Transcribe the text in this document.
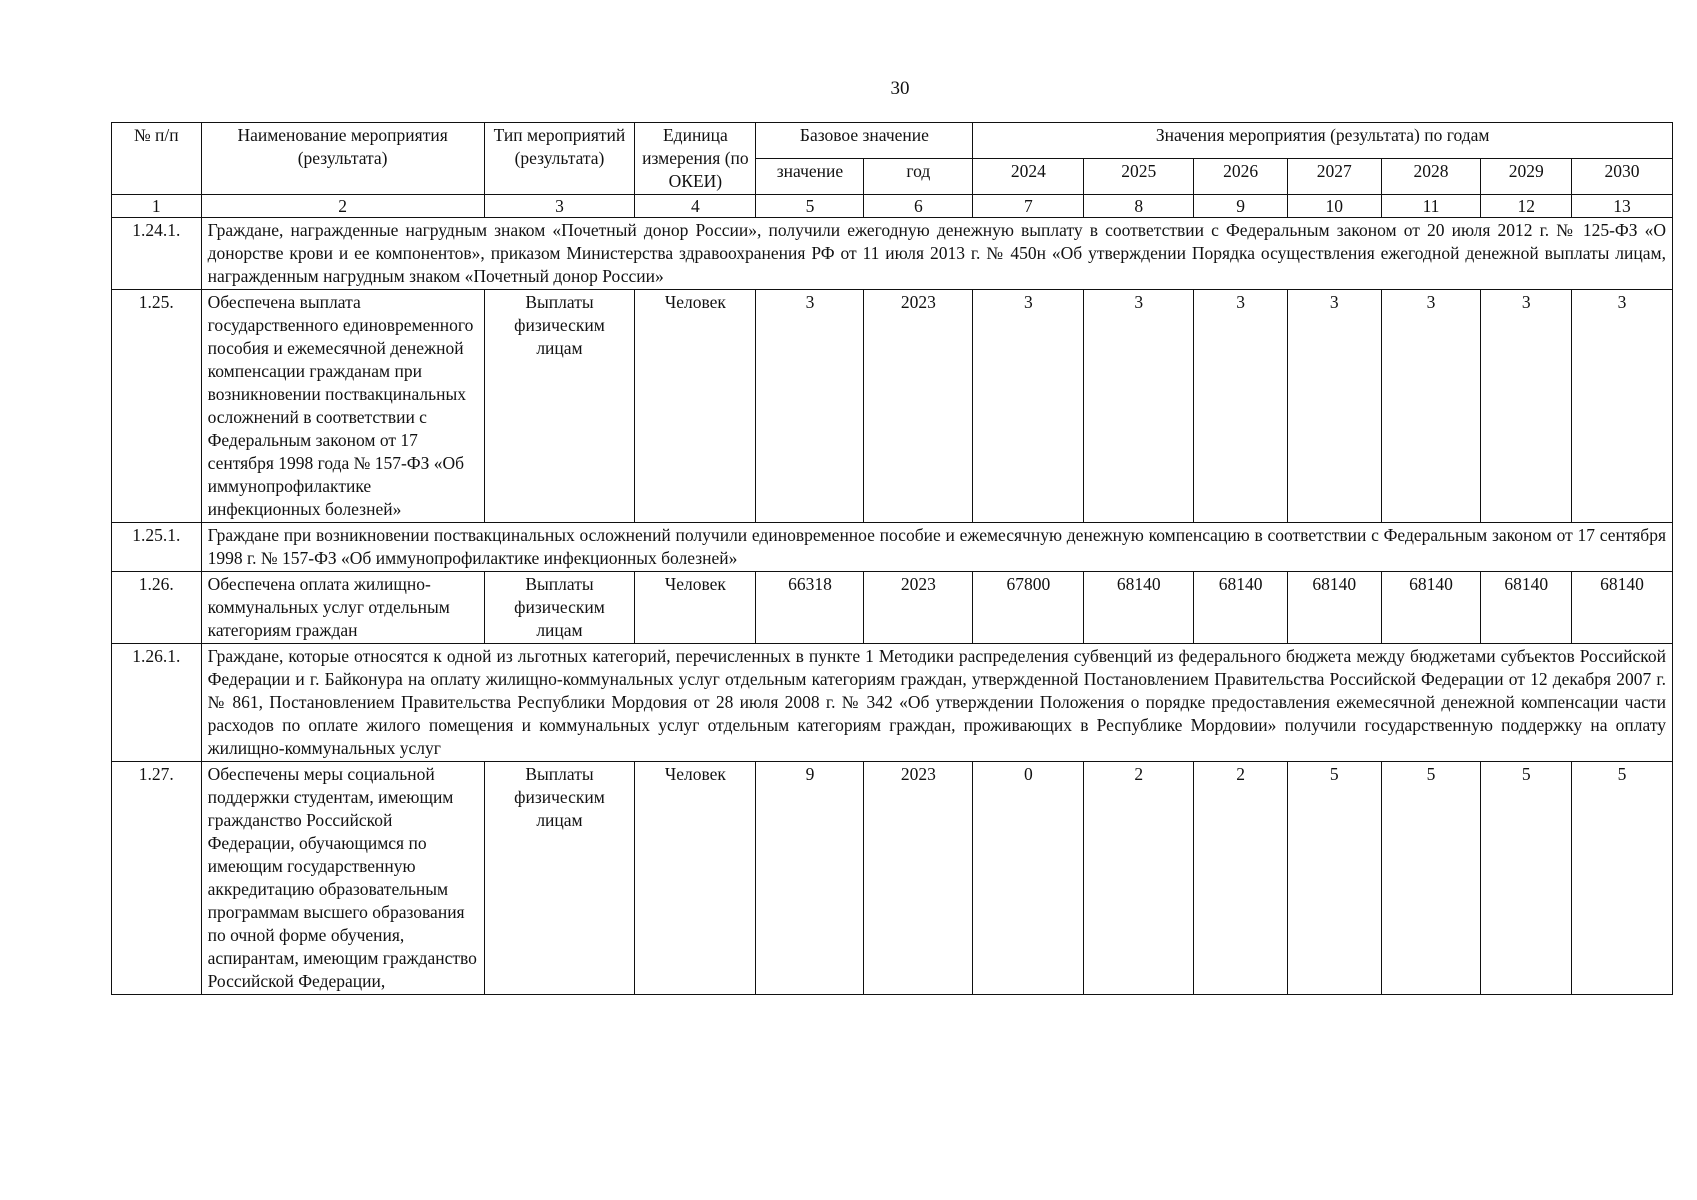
30
№ п/п	Наименование мероприятия (результата)	Тип мероприятий (результата)	Единица измерения (по ОКЕИ)	Базовое значение		Значения мероприятия (результата) по годам						
				значение	год	2024	2025	2026	2027	2028	2029	2030
1	2	3	4	5	6	7	8	9	10	11	12	13
1.24.1.	Граждане, награжденные нагрудным знаком «Почетный донор России», получили ежегодную денежную выплату в соответствии с Федеральным законом от 20 июля 2012 г. № 125-ФЗ «О донорстве крови и ее компонентов», приказом Министерства здравоохранения РФ от 11 июля 2013 г. № 450н «Об утверждении Порядка осуществления ежегодной денежной выплаты лицам, награжденным нагрудным знаком «Почетный донор России»											
1.25.	Обеспечена выплата государственного единовременного пособия и ежемесячной денежной компенсации гражданам при возникновении поствакцинальных осложнений в соответствии с Федеральным законом от 17 сентября 1998 года № 157-ФЗ «Об иммунопрофилактике инфекционных болезней»	Выплаты физическим лицам	Человек	3	2023	3	3	3	3	3	3	3
1.25.1.	Граждане при возникновении поствакцинальных осложнений получили единовременное пособие и ежемесячную денежную компенсацию в соответствии с Федеральным законом от 17 сентября 1998 г. № 157-ФЗ «Об иммунопрофилактике инфекционных болезней»											
1.26.	Обеспечена оплата жилищно-коммунальных услуг отдельным категориям граждан	Выплаты физическим лицам	Человек	66318	2023	67800	68140	68140	68140	68140	68140	68140
1.26.1.	Граждане, которые относятся к одной из льготных категорий, перечисленных в пункте 1 Методики распределения субвенций из федерального бюджета между бюджетами субъектов Российской Федерации и г. Байконура на оплату жилищно-коммунальных услуг отдельным категориям граждан, утвержденной Постановлением Правительства Российской Федерации от 12 декабря 2007 г. № 861, Постановлением Правительства Республики Мордовия от 28 июля 2008 г. № 342 «Об утверждении Положения о порядке предоставления ежемесячной денежной компенсации части расходов по оплате жилого помещения и коммунальных услуг отдельным категориям граждан, проживающих в Республике Мордовии» получили государственную поддержку на оплату жилищно-коммунальных услуг											
1.27.	Обеспечены меры социальной поддержки студентам, имеющим гражданство Российской Федерации, обучающимся по имеющим государственную аккредитацию образовательным программам высшего образования по очной форме обучения, аспирантам, имеющим гражданство Российской Федерации,	Выплаты физическим лицам	Человек	9	2023	0	2	2	5	5	5	5
